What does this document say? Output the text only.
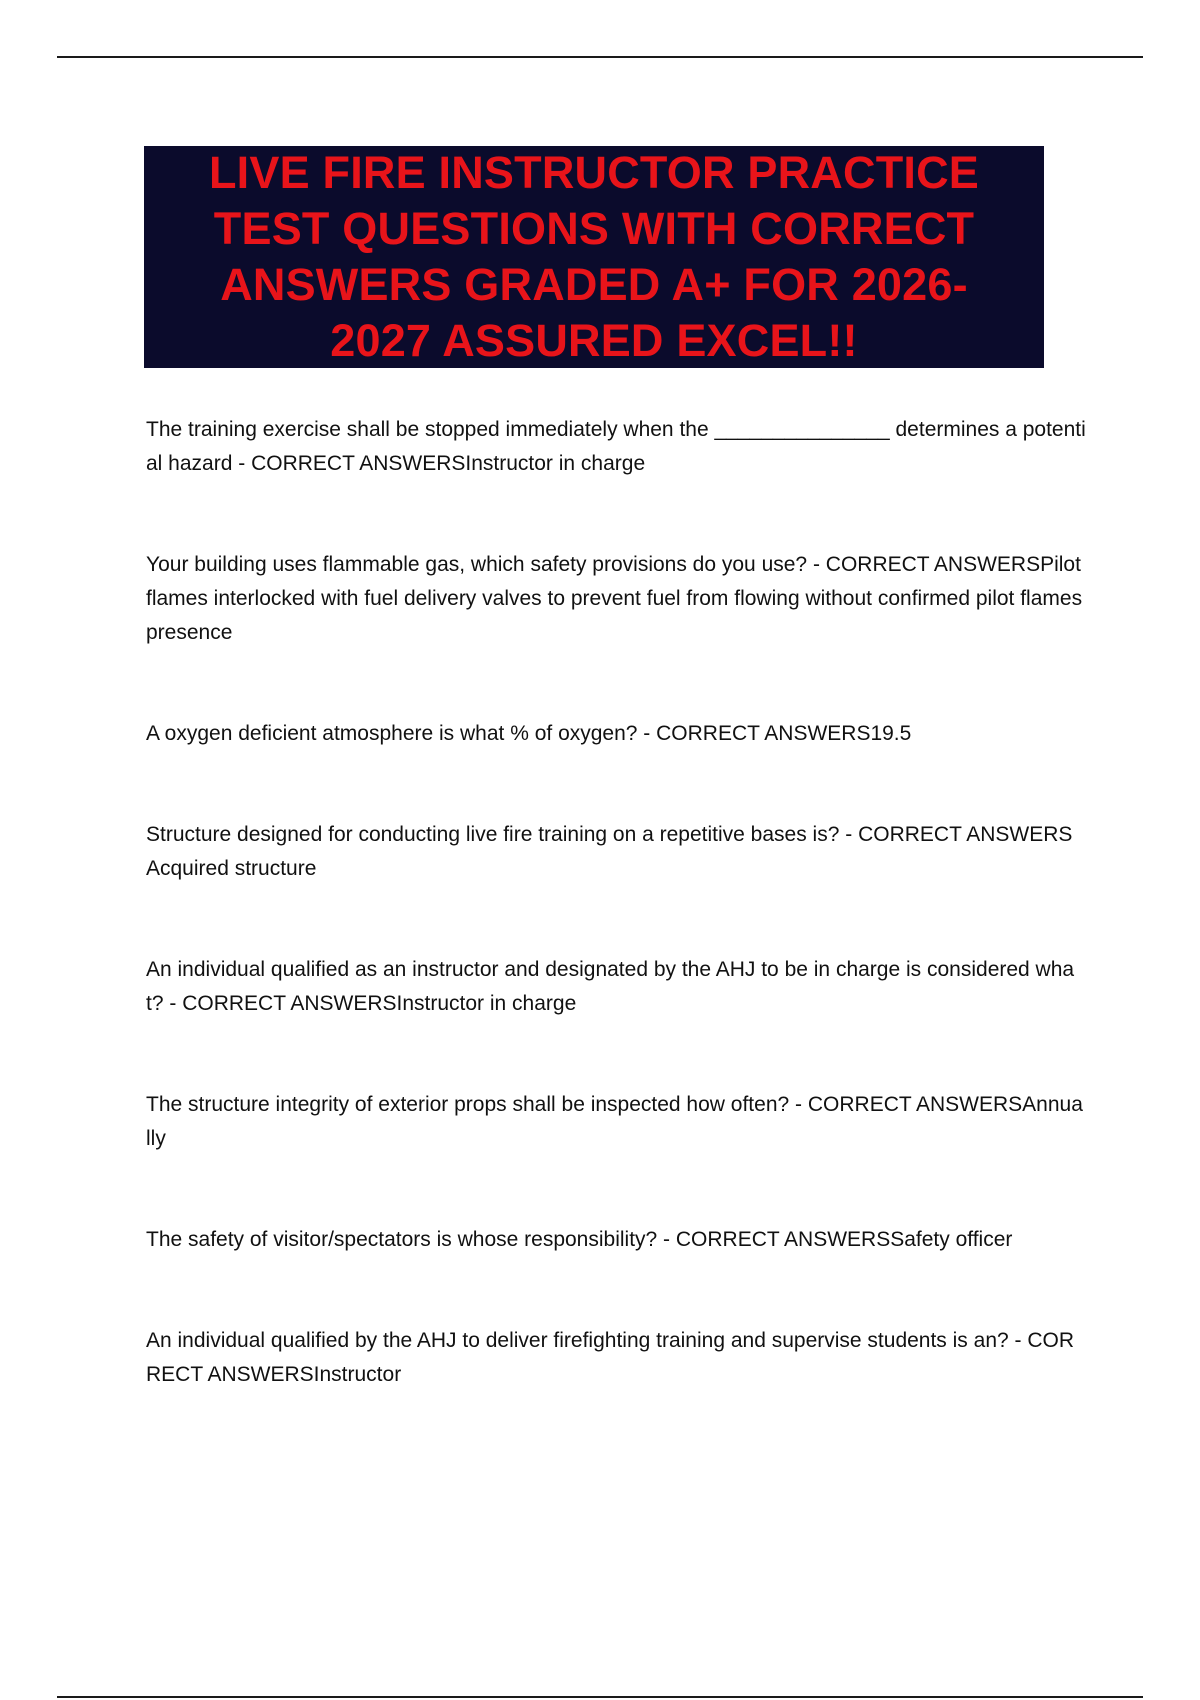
LIVE FIRE INSTRUCTOR PRACTICE TEST QUESTIONS WITH CORRECT ANSWERS GRADED A+ FOR 2026-2027 ASSURED EXCEL!!
The training exercise shall be stopped immediately when the _______________ determines a potential hazard - CORRECT ANSWERSInstructor in charge
Your building uses flammable gas, which safety provisions do you use? - CORRECT ANSWERSPilot flames interlocked with fuel delivery valves to prevent fuel from flowing without confirmed pilot flames presence
A oxygen deficient atmosphere is what % of oxygen? - CORRECT ANSWERS19.5
Structure designed for conducting live fire training on a repetitive bases is? - CORRECT ANSWERSAcquired structure
An individual qualified as an instructor and designated by the AHJ to be in charge is considered what? - CORRECT ANSWERSInstructor in charge
The structure integrity of exterior props shall be inspected how often? - CORRECT ANSWERSAnnually
The safety of visitor/spectators is whose responsibility? - CORRECT ANSWERSSafety officer
An individual qualified by the AHJ to deliver firefighting training and supervise students is an? - CORRECT ANSWERSInstructor
